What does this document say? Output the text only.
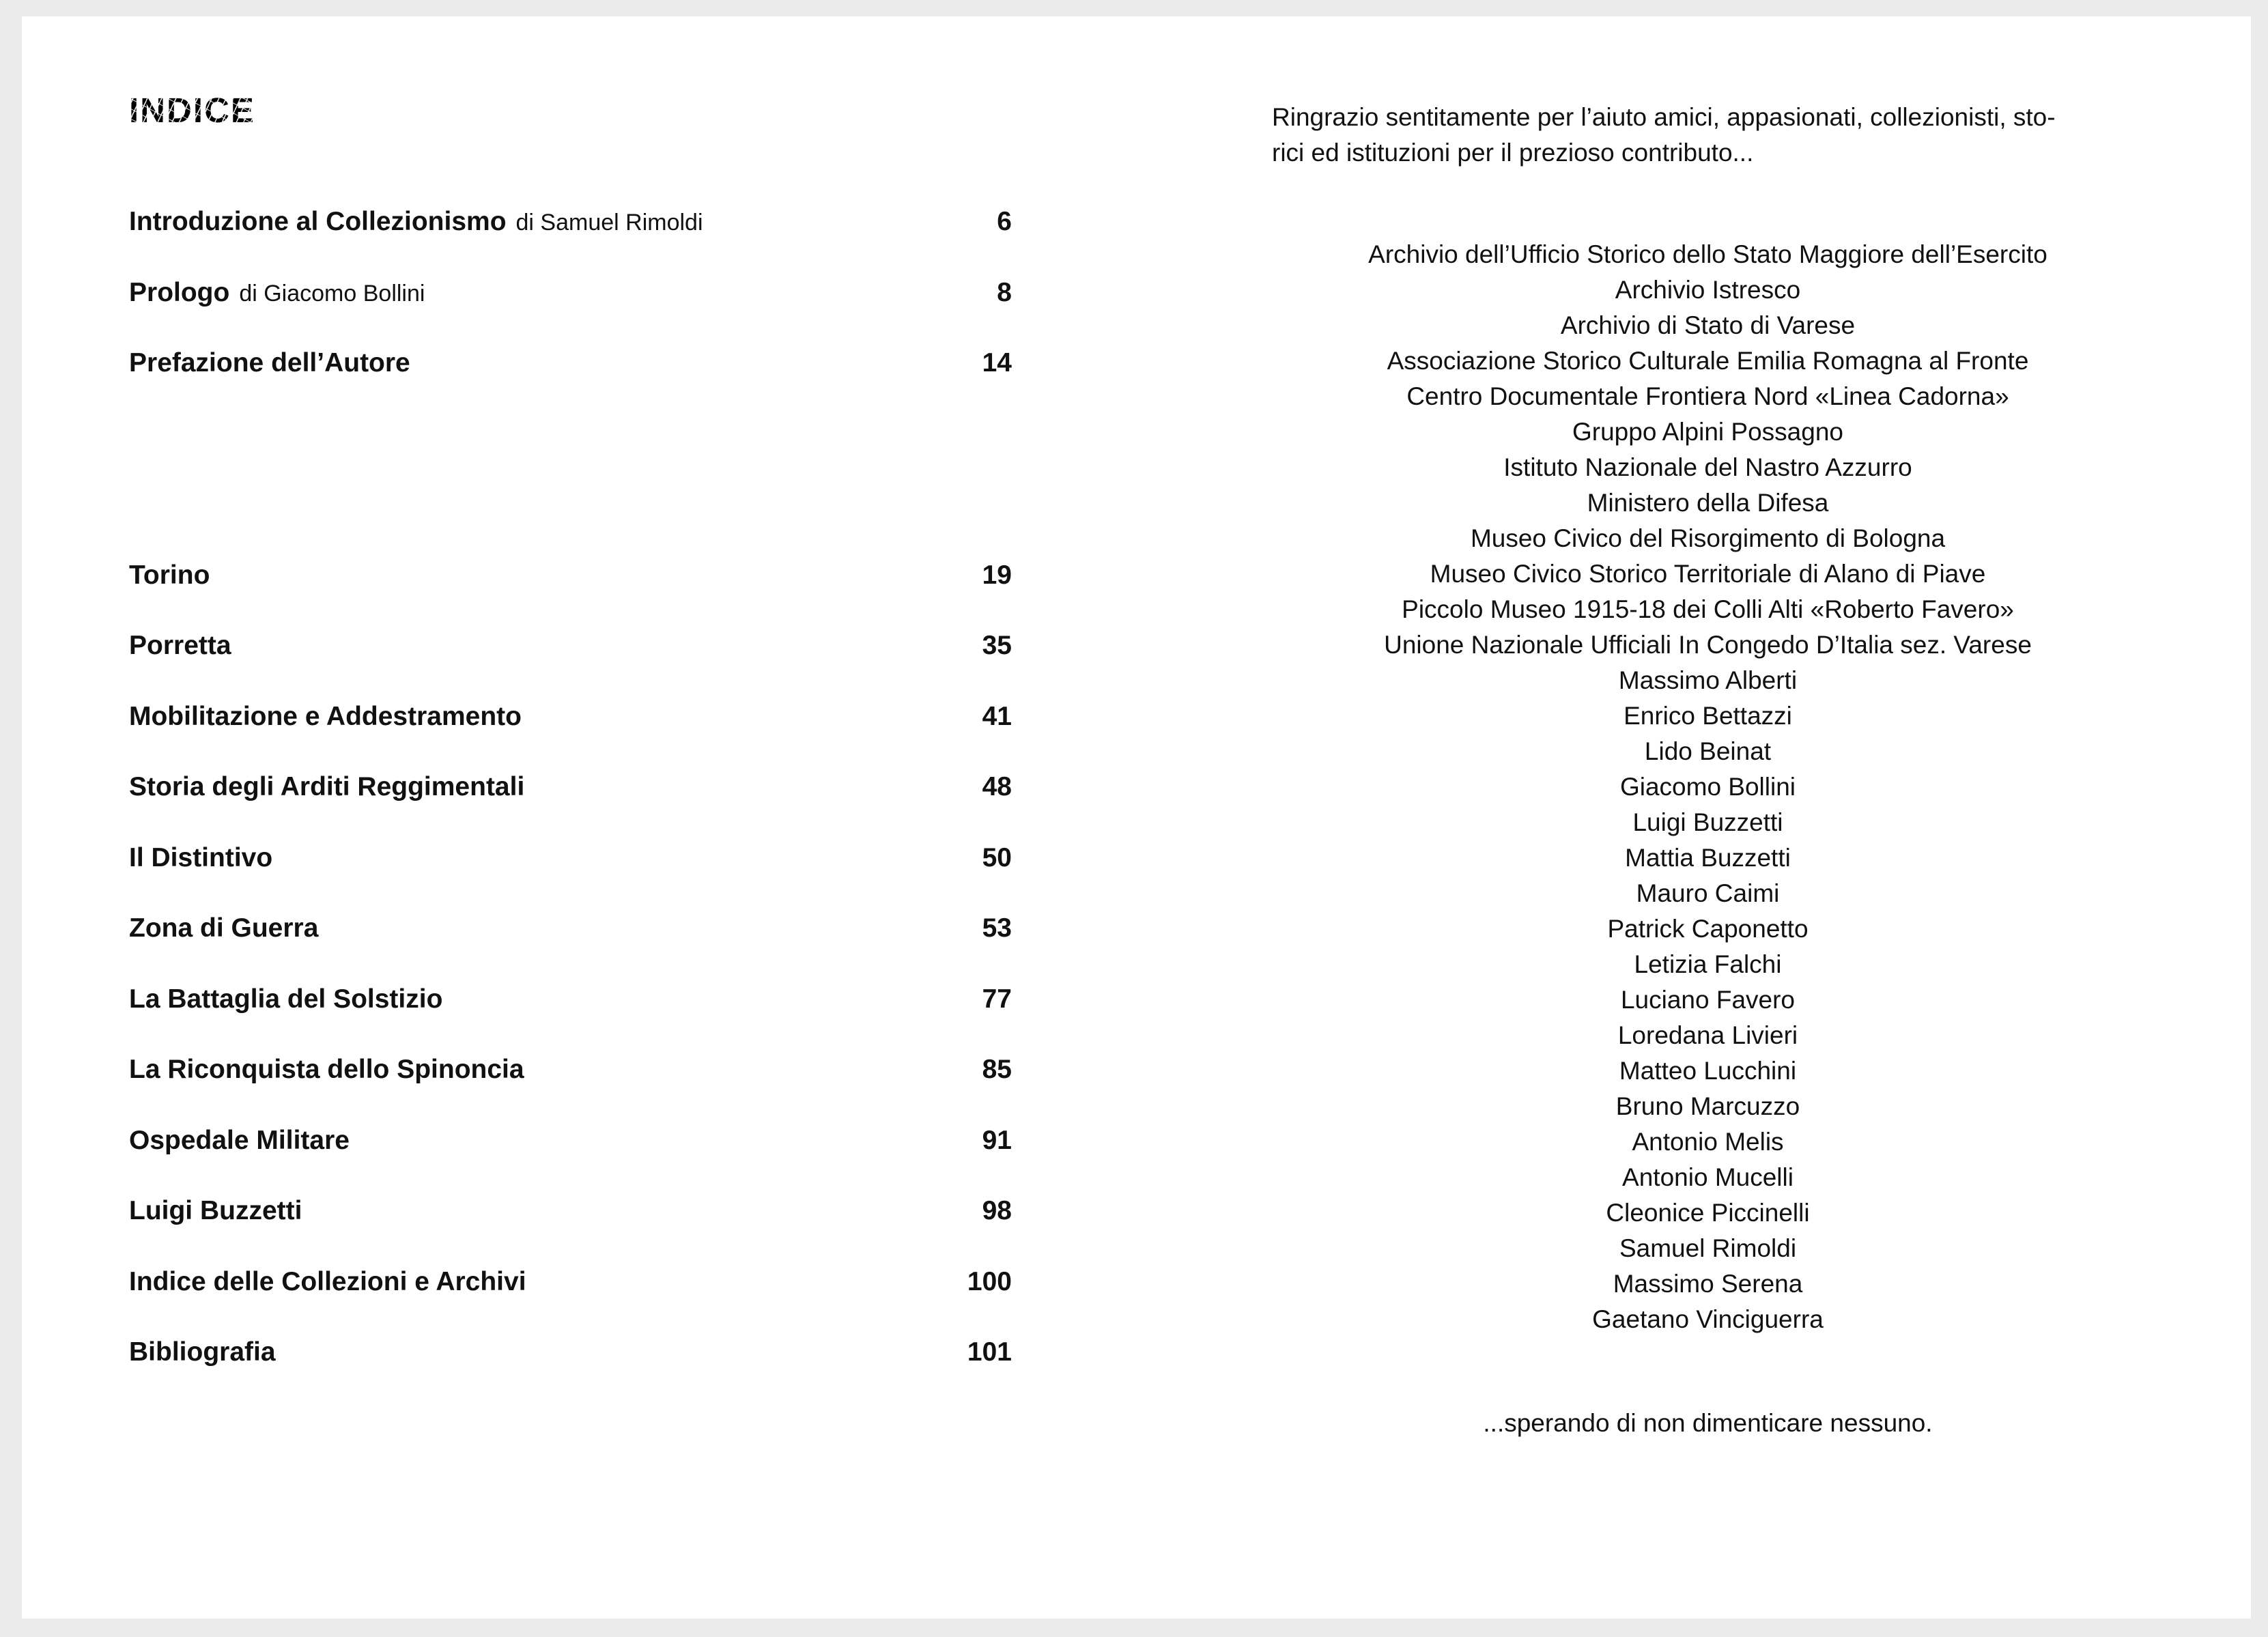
INDICE
Introduzione al Collezionismo di Samuel Rimoldi	6
Prologo di Giacomo Bollini	8
Prefazione dell’Autore	14
Torino	19
Porretta	35
Mobilitazione e Addestramento	41
Storia degli Arditi Reggimentali	48
Il Distintivo	50
Zona di Guerra	53
La Battaglia del Solstizio	77
La Riconquista dello Spinoncia	85
Ospedale Militare	91
Luigi Buzzetti	98
Indice delle Collezioni e Archivi	100
Bibliografia	101

Ringrazio sentitamente per l’aiuto amici, appasionati, collezionisti, sto-
rici ed istituzioni per il prezioso contributo...

Archivio dell’Ufficio Storico dello Stato Maggiore dell’Esercito
Archivio Istresco
Archivio di Stato di Varese
Associazione Storico Culturale Emilia Romagna al Fronte
Centro Documentale Frontiera Nord «Linea Cadorna»
Gruppo Alpini Possagno
Istituto Nazionale del Nastro Azzurro
Ministero della Difesa
Museo Civico del Risorgimento di Bologna
Museo Civico Storico Territoriale di Alano di Piave
Piccolo Museo 1915-18 dei Colli Alti «Roberto Favero»
Unione Nazionale Ufficiali In Congedo D’Italia sez. Varese
Massimo Alberti
Enrico Bettazzi
Lido Beinat
Giacomo Bollini
Luigi Buzzetti
Mattia Buzzetti
Mauro Caimi
Patrick Caponetto
Letizia Falchi
Luciano Favero
Loredana Livieri
Matteo Lucchini
Bruno Marcuzzo
Antonio Melis
Antonio Mucelli
Cleonice Piccinelli
Samuel Rimoldi
Massimo Serena
Gaetano Vinciguerra

...sperando di non dimenticare nessuno.
